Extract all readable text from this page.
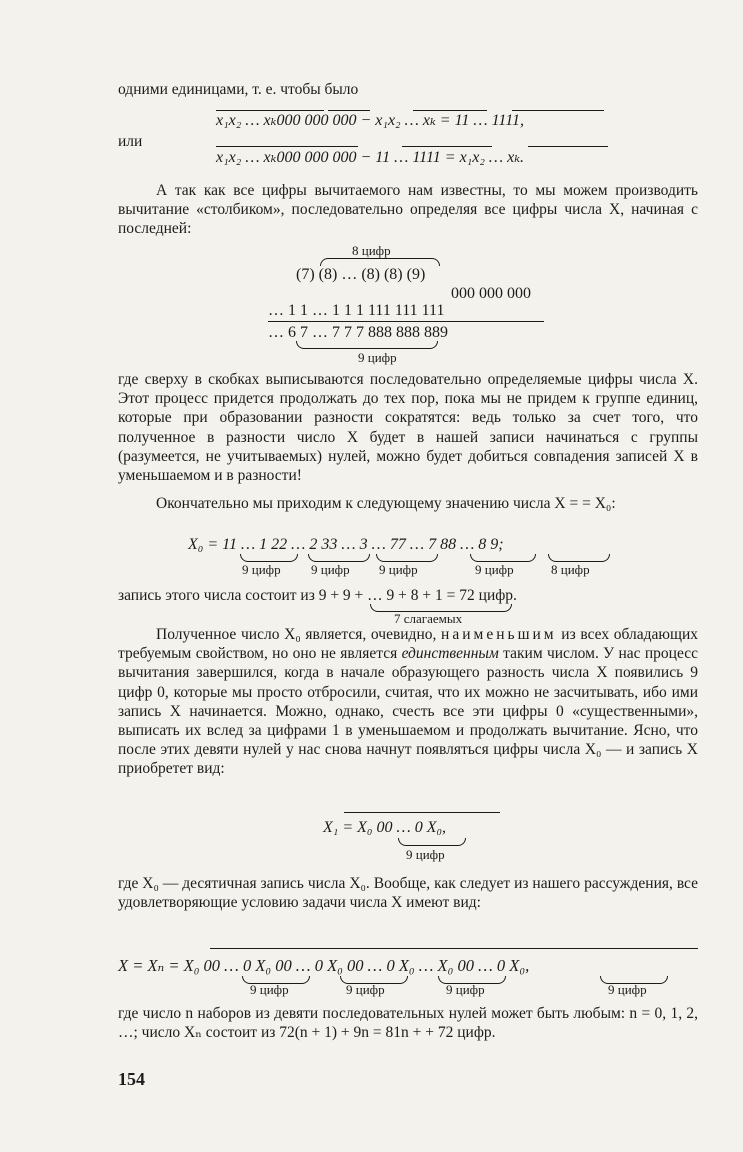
одними единицами, т. е. чтобы было
x₁x₂ … xₖ000 000 000 − x₁x₂ … xₖ = 11 … 1111,
или
x₁x₂ … xₖ000 000 000 − 11 … 1111 = x₁x₂ … xₖ.
А так как все цифры вычитаемого нам известны, то мы можем производить вычитание «столбиком», последовательно определяя все цифры числа X, начиная с последней:
8 цифр
(7) (8) … (8) (8) (9)
000 000 000
… 1 1 … 1 1 1 111 111 111
… 6 7 … 7 7 7 888 888 889
9 цифр
где сверху в скобках выписываются последовательно определяемые цифры числа X. Этот процесс придется продолжать до тех пор, пока мы не придем к группе единиц, которые при образовании разности сократятся: ведь только за счет того, что полученное в разности число X будет в нашей записи начинаться с группы (разумеется, не учитываемых) нулей, можно будет добиться совпадения записей X в уменьшаемом и в разности!
Окончательно мы приходим к следующему значению числа X = = X₀:
X₀ = 11 … 1 22 … 2 33 … 3 … 77 … 7 88 … 8 9;
9 цифр 9 цифр 9 цифр	9 цифр	8 цифр
запись этого числа состоит из 9 + 9 + … 9 + 8 + 1 = 72 цифр.
7 слагаемых
Полученное число X₀ является, очевидно, наименьшим из всех обладающих требуемым свойством, но оно не является единственным таким числом. У нас процесс вычитания завершился, когда в начале образующего разность числа X появились 9 цифр 0, которые мы просто отбросили, считая, что их можно не засчитывать, ибо ими запись X начинается. Можно, однако, счесть все эти цифры 0 «существенными», выписать их вслед за цифрами 1 в уменьшаемом и продолжать вычитание. Ясно, что после этих девяти нулей у нас снова начнут появляться цифры числа X₀ — и запись X приобретет вид:
X₁ = X₀ 00 … 0 X₀,
9 цифр
где X₀ — десятичная запись числа X₀. Вообще, как следует из нашего рассуждения, все удовлетворяющие условию задачи числа X имеют вид:
X = Xₙ = X₀ 00 … 0 X₀ 00 … 0 X₀ 00 … 0 X₀ … X₀ 00 … 0 X₀,
9 цифр	9 цифр	9 цифр	9 цифр
где число n наборов из девяти последовательных нулей может быть любым: n = 0, 1, 2, …; число Xₙ состоит из 72(n + 1) + 9n = 81n + + 72 цифр.
154
